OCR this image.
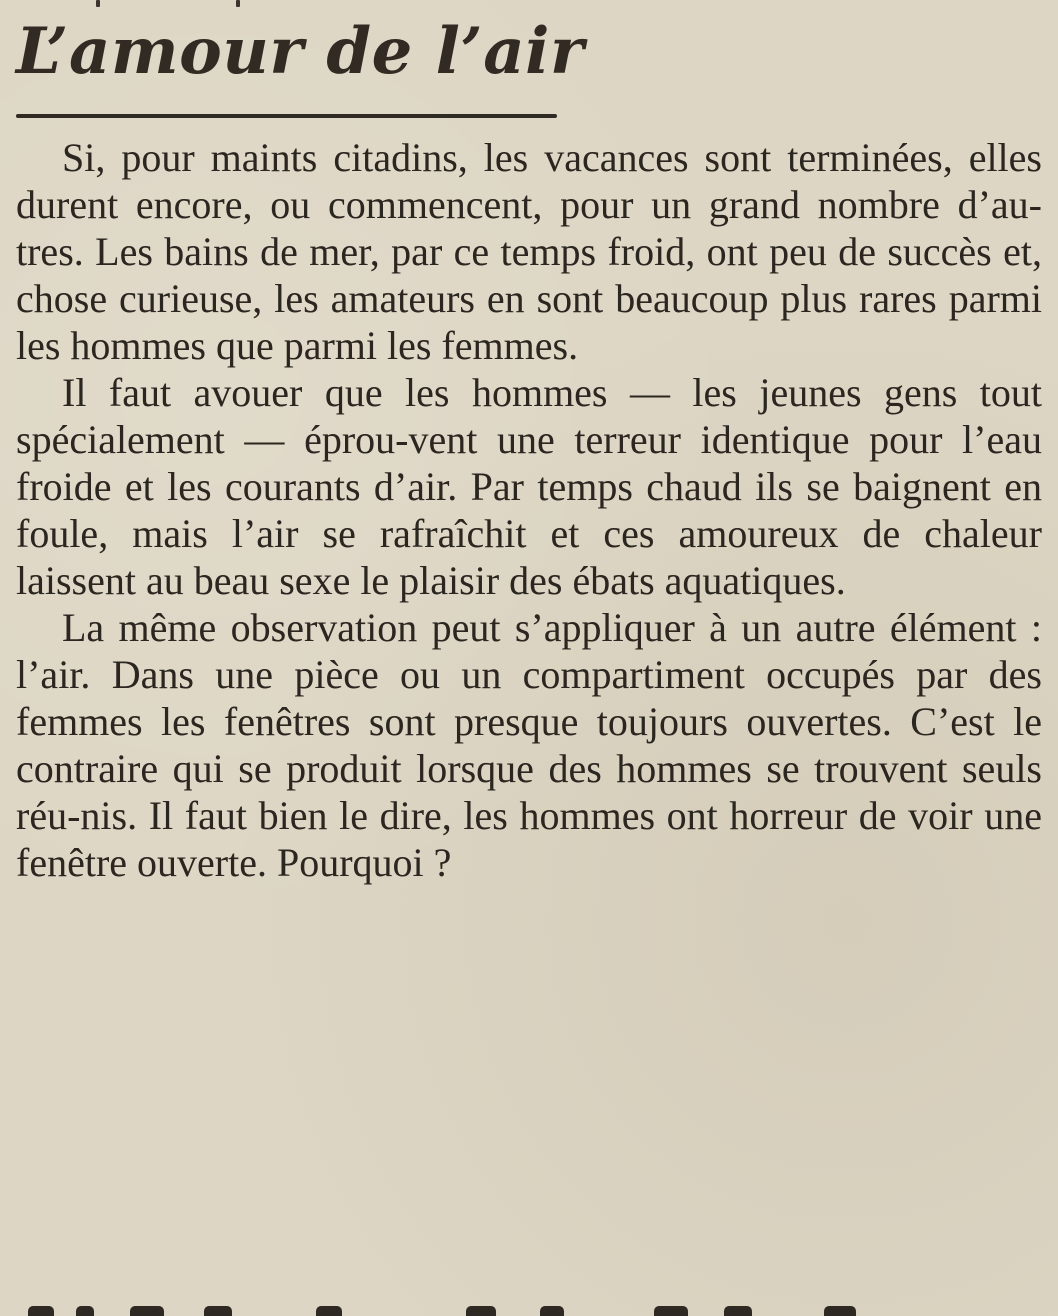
L’amour de l’air

Si, pour maints citadins, les vacances sont terminées, elles durent encore, ou commencent, pour un grand nombre d’au-tres. Les bains de mer, par ce temps froid, ont peu de succès et, chose curieuse, les amateurs en sont beaucoup plus rares parmi les hommes que parmi les femmes.

Il faut avouer que les hommes — les jeunes gens tout spécialement — éprou-vent une terreur identique pour l’eau froide et les courants d’air. Par temps chaud ils se baignent en foule, mais l’air se rafraîchit et ces amoureux de chaleur laissent au beau sexe le plaisir des ébats aquatiques.

La même observation peut s’appliquer à un autre élément : l’air. Dans une pièce ou un compartiment occupés par des femmes les fenêtres sont presque toujours ouvertes. C’est le contraire qui se produit lorsque des hommes se trouvent seuls réu-nis. Il faut bien le dire, les hommes ont horreur de voir une fenêtre ouverte. Pourquoi ?
